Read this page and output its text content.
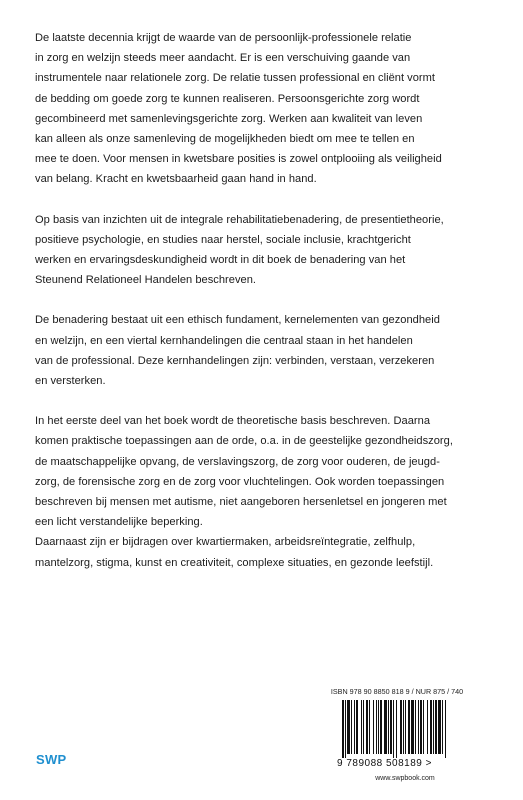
De laatste decennia krijgt de waarde van de persoonlijk-professionele relatie
in zorg en welzijn steeds meer aandacht. Er is een verschuiving gaande van
instrumentele naar relationele zorg. De relatie tussen professional en cliënt vormt
de bedding om goede zorg te kunnen realiseren. Persoonsgerichte zorg wordt
gecombineerd met samenlevingsgerichte zorg. Werken aan kwaliteit van leven
kan alleen als onze samenleving de mogelijkheden biedt om mee te tellen en
mee te doen. Voor mensen in kwetsbare posities is zowel ontplooiing als veiligheid
van belang. Kracht en kwetsbaarheid gaan hand in hand.

Op basis van inzichten uit de integrale rehabilitatiebenadering, de presentietheorie,
positieve psychologie, en studies naar herstel, sociale inclusie, krachtgericht
werken en ervaringsdeskundigheid wordt in dit boek de benadering van het
Steunend Relationeel Handelen beschreven.

De benadering bestaat uit een ethisch fundament, kernelementen van gezondheid
en welzijn, en een viertal kernhandelingen die centraal staan in het handelen
van de professional. Deze kernhandelingen zijn: verbinden, verstaan, verzekeren
en versterken.

In het eerste deel van het boek wordt de theoretische basis beschreven. Daarna
komen praktische toepassingen aan de orde, o.a. in de geestelijke gezondheidszorg,
de maatschappelijke opvang, de verslavingszorg, de zorg voor ouderen, de jeugd-
zorg, de forensische zorg en de zorg voor vluchtelingen. Ook worden toepassingen
beschreven bij mensen met autisme, niet aangeboren hersenletsel en jongeren met
een licht verstandelijke beperking.

Daarnaast zijn er bijdragen over kwartiermaken, arbeidsreïntegratie, zelfhulp,
mantelzorg, stigma, kunst en creativiteit, complexe situaties, en gezonde leefstijl.

ISBN 978 90 8850 818 9 / NUR 875 / 740
9 789088 508189 >
www.swpbook.com
SWP
